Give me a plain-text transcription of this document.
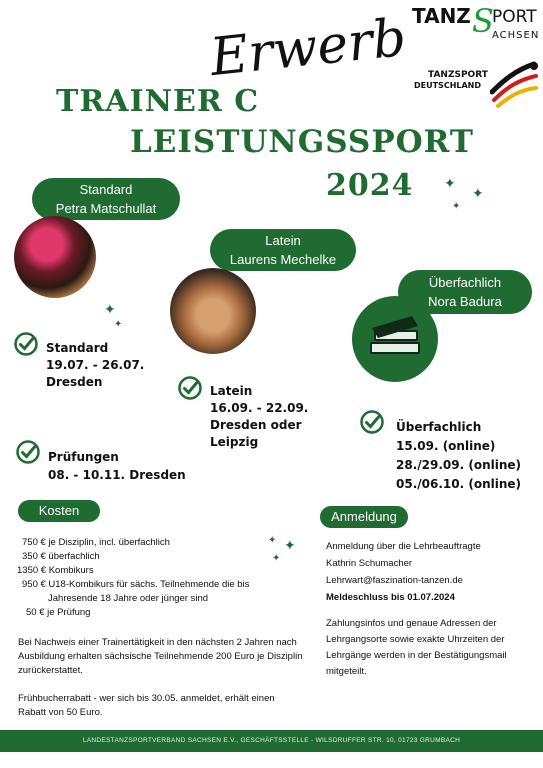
TANZ S
PORT
ACHSEN
TANZSPORT
DEUTSCHLAND
Erwerb
TRAINER C
LEISTUNGSSPORT
2024 ✦
✦
✦
Standard
Petra Matschullat
✦
✦
Standard
19.07. - 26.07.
Dresden
Latein
Laurens Mechelke
Latein
16.09. - 22.09.
Dresden oder
Leipzig
Überfachlich
Nora Badura
Überfachlich
15.09. (online)
28./29.09. (online)
05./06.10. (online)
Prüfungen
08. - 10.11. Dresden
Kosten
750 € je Disziplin, incl. überfachlich
350 € überfachlich
1350 € Kombikurs
950 € U18-Kombikurs für sächs. Teilnehmende die bis
Jahresende 18 Jahre oder jünger sind
50 € je Prüfung
✦ ✦
✦
Bei Nachweis einer Trainertätigkeit in den nächsten 2 Jahren nach Ausbildung erhalten sächsische Teilnehmende 200 Euro je Disziplin zurückerstattet.
Frühbucherrabatt - wer sich bis 30.05. anmeldet, erhält einen Rabatt von 50 Euro.
Anmeldung
Anmeldung über die Lehrbeauftragte
Kathrin Schumacher
Lehrwart@faszination-tanzen.de
Meldeschluss bis 01.07.2024
Zahlungsinfos und genaue Adressen der Lehrgangsorte sowie exakte Uhrzeiten der Lehrgänge werden in der Bestätigungsmail mitgeteilt.
LANDESTANZSPORTVERBAND SACHSEN E.V., GESCHÄFTSSTELLE - WILSDRUFFER STR. 10, 01723 GRUMBACH
